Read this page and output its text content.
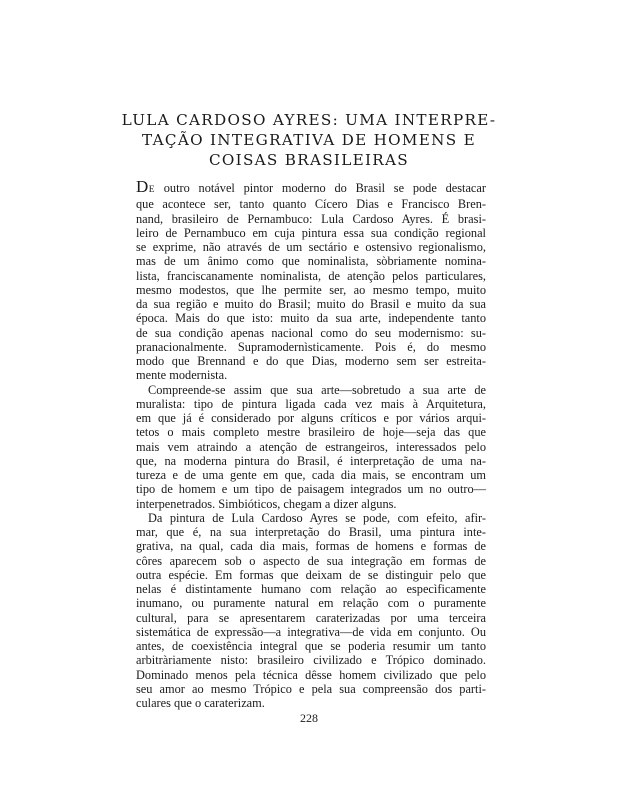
LULA CARDOSO AYRES: UMA INTERPRE-
TAÇÃO INTEGRATIVA DE HOMENS E
COISAS BRASILEIRAS
DE outro notável pintor moderno do Brasil se pode destacar
que acontece ser, tanto quanto Cícero Dias e Francisco Bren-
nand, brasileiro de Pernambuco: Lula Cardoso Ayres. É brasi-
leiro de Pernambuco em cuja pintura essa sua condição regional
se exprime, não através de um sectário e ostensivo regionalismo,
mas de um ânimo como que nominalista, sòbriamente nomina-
lista, franciscanamente nominalista, de atenção pelos particulares,
mesmo modestos, que lhe permite ser, ao mesmo tempo, muito
da sua região e muito do Brasil; muito do Brasil e muito da sua
época. Mais do que isto: muito da sua arte, independente tanto
de sua condição apenas nacional como do seu modernismo: su-
pranacionalmente. Supramodernìsticamente. Pois é, do mesmo
modo que Brennand e do que Dias, moderno sem ser estreita-
mente modernista.
Compreende-se assim que sua arte—sobretudo a sua arte de
muralista: tipo de pintura ligada cada vez mais à Arquitetura,
em que já é considerado por alguns críticos e por vários arqui-
tetos o mais completo mestre brasileiro de hoje—seja das que
mais vem atraindo a atenção de estrangeiros, interessados pelo
que, na moderna pintura do Brasil, é interpretação de uma na-
tureza e de uma gente em que, cada dia mais, se encontram um
tipo de homem e um tipo de paisagem integrados um no outro—
interpenetrados. Simbióticos, chegam a dizer alguns.
Da pintura de Lula Cardoso Ayres se pode, com efeito, afir-
mar, que é, na sua interpretação do Brasil, uma pintura inte-
grativa, na qual, cada dia mais, formas de homens e formas de
côres aparecem sob o aspecto de sua integração em formas de
outra espécie. Em formas que deixam de se distinguir pelo que
nelas é distintamente humano com relação ao especìficamente
inumano, ou puramente natural em relação com o puramente
cultural, para se apresentarem caraterizadas por uma terceira
sistemática de expressão—a integrativa—de vida em conjunto. Ou
antes, de coexistência integral que se poderia resumir um tanto
arbitràriamente nisto: brasileiro civilizado e Trópico dominado.
Dominado menos pela técnica dêsse homem civilizado que pelo
seu amor ao mesmo Trópico e pela sua compreensão dos parti-
culares que o caraterizam.
228
